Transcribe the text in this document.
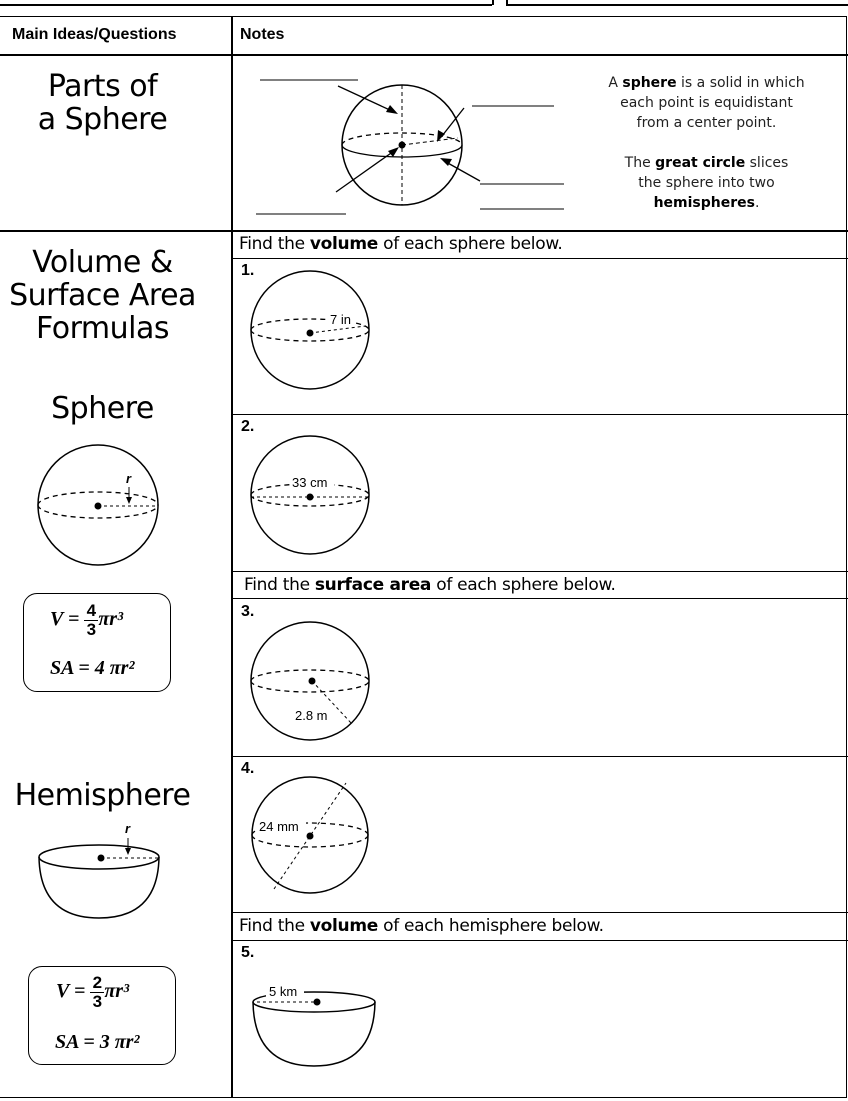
Main Ideas/Questions	Notes
Parts of
a Sphere
A sphere is a solid in which
each point is equidistant
from a center point.
The great circle slices
the sphere into two
hemispheres.
Volume &
Surface Area
Formulas
Sphere
r
$V = \frac{4}{3} \pi r^3$
SA = 4 πr²
Hemisphere
r
$V = \frac{2}{3} \pi r^3$
SA = 3 πr²
Find the volume of each sphere below.
Find the surface area of each sphere below.
Find the volume of each hemisphere below.
1.
2.
3.
4.
5.
7 in
33 cm
2.8 m
24 mm
5 km
